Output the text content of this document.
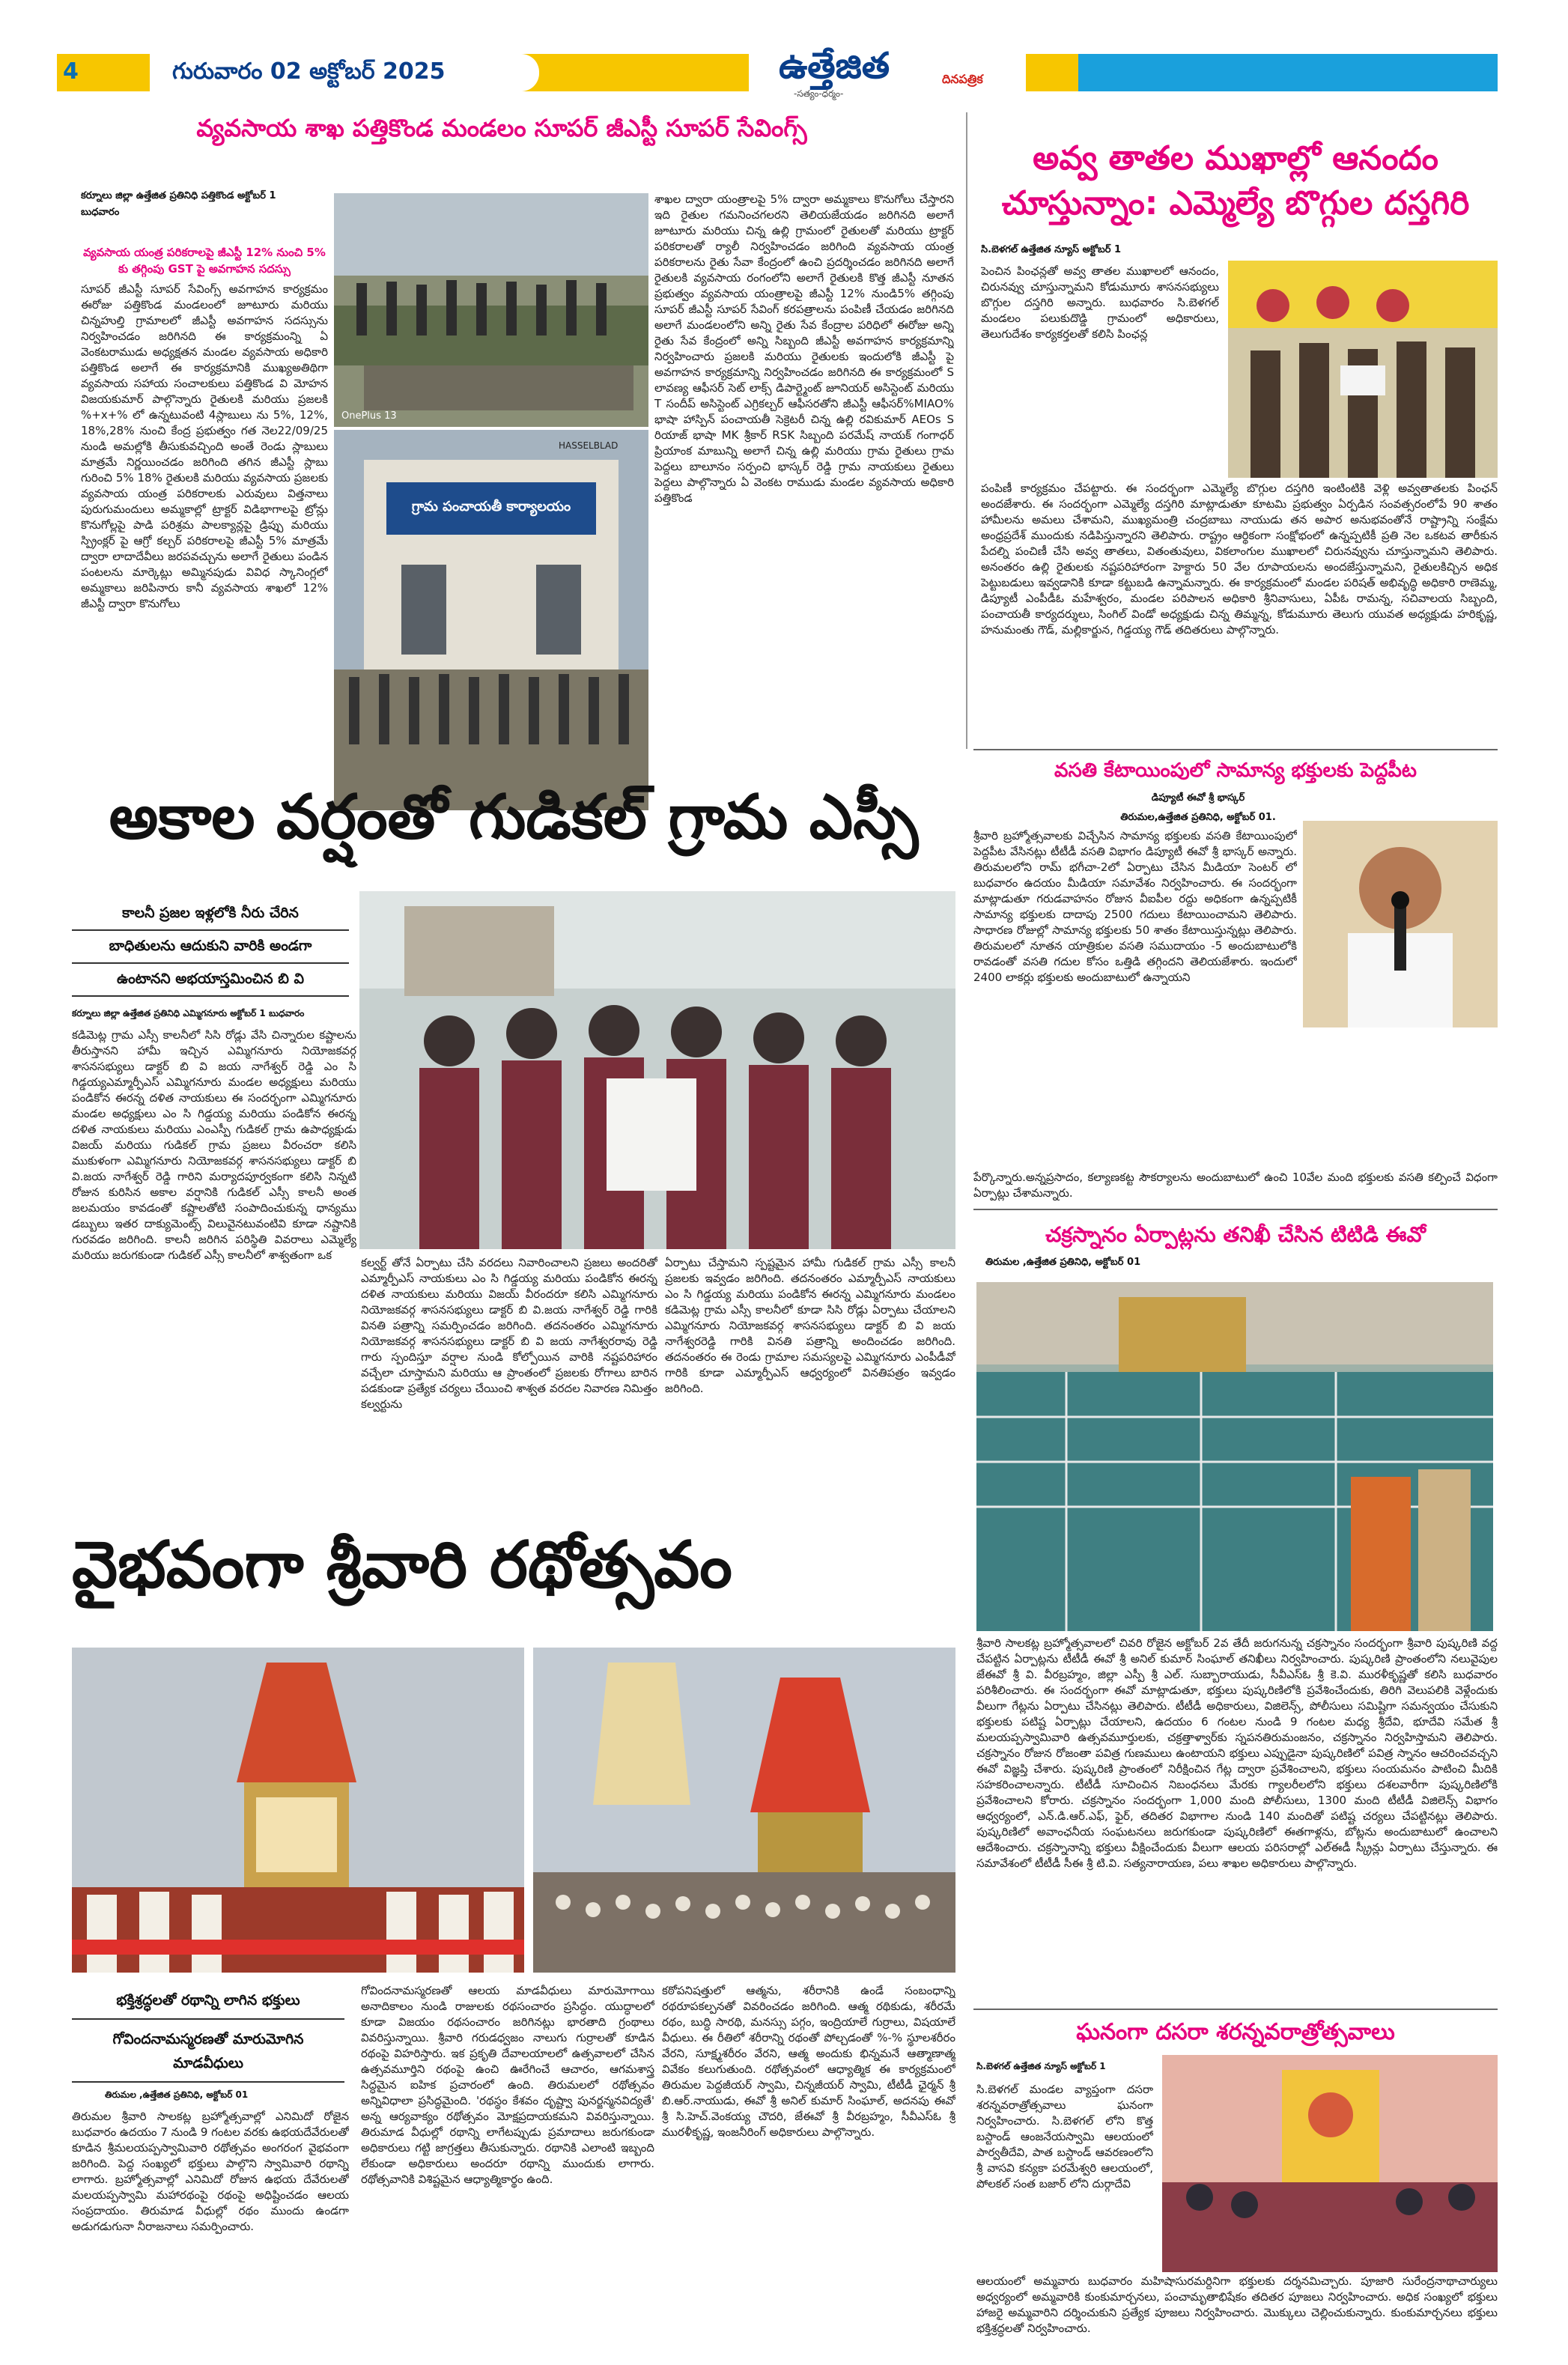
4	గురువారం 02 అక్టోబర్ 2025	ఉత్తేజిత	దినపత్రిక
-సత్యం-ధర్మం-
వ్యవసాయ శాఖ పత్తికొండ మండలం సూపర్ జీఎస్టీ సూపర్ సేవింగ్స్
కర్నూలు జిల్లా ఉత్తేజిత ప్రతినిధి పత్తికొండ అక్టోబర్ 1
బుధవారం
వ్యవసాయ యంత్ర పరికరాలపై జీఎస్టీ 12% నుంచి 5% కు తగ్గింపు GST పై అవగాహన సదస్సు
సూపర్ జీఎస్టీ సూపర్ సేవింగ్స్ అవగాహన కార్యక్రమం ఈరోజు పత్తికొండ మండలంలో జూటూరు మరియు చిన్నహుల్తి గ్రామాలలో జీఎస్టీ అవగాహన సదస్సును నిర్వహించడం జరిగినది ఈ కార్యక్రమంన్ని ఏ వెంకటరాముడు అధ్యక్షతన మండల వ్యవసాయ అధికారి పత్తికొండ అలాగే ఈ కార్యక్రమానికి ముఖ్యఅతిథిగా వ్యవసాయ సహాయ సంచాలకులు పత్తికొండ వి మోహన విజయకుమార్ పాల్గొన్నారు రైతులకి మరియు ప్రజలకి %+x+% లో ఉన్నటువంటి 4స్లాబులు ను 5%, 12%, 18%,28% నుంచి కేంద్ర ప్రభుత్వం గత నెల22/09/25 నుండి అమల్లోకి తీసుకువచ్చింది అంతే రెండు స్లాబులు మాత్రమే నిర్ణయించడం జరిగింది తగిన జీఎస్టీ స్లాబు గురించి 5% 18% రైతులకి మరియు వ్యవసాయ ప్రజలకు వ్యవసాయ యంత్ర పరికరాలకు ఎరువులు విత్తనాలు పురుగుమందులు అమ్మకాల్లో ట్రాక్టర్ విడిభాగాలపై ట్రోన్లు కొనుగోల్లపై పాడి పరిశ్రమ పాలక్యాన్లపై డ్రిప్పు మరియు స్ప్రింక్లర్ పై ఆగ్రో కల్చర్ పరికరాలపై జీఎస్టీ 5% మాత్రమే ద్వారా లాదాదేవీలు జరపవచ్చును అలాగే రైతులు పండిన పంటలను మార్కెట్లు అమ్మినపుడు వివిధ స్కానింగ్లలో అమ్మకాలు జరిపినారు కానీ వ్యవసాయ శాఖలో 12% జీఎస్టీ ద్వారా కొనుగోలు
OnePlus 13
గ్రామ పంచాయతీ కార్యాలయం
HASSELBLAD
శాఖల ద్వారా యంత్రాలపై 5% ద్వారా అమ్మకాలు కొనుగోలు చేస్తారని ఇది రైతుల గమనించగలరని తెలియజేయడం జరిగినది అలాగే జూటూరు మరియు చిన్న ఉల్లి గ్రామంలో రైతులతో మరియు ట్రాక్టర్ పరికరాలతో ర్యాలీ నిర్వహించడం జరిగింది వ్యవసాయ యంత్ర పరికరాలను రైతు సేవా కేంద్రంలో ఉంచి ప్రదర్శించడం జరిగినది అలాగే రైతులకి వ్యవసాయ రంగంలోని అలాగే రైతులకి కొత్త జీఎస్టీ నూతన ప్రభుత్వం వ్యవసాయ యంత్రాలపై జీఎస్టీ 12% నుండి5% తగ్గింపు సూపర్ జీఎస్టీ సూపర్ సేవింగ్ కరపత్రాలను పంపిణీ చేయడం జరిగినది అలాగే మండలంలోని అన్ని రైతు సేవ కేంద్రాల పరిధిలో ఈరోజు అన్ని రైతు సేవ కేంద్రంలో అన్ని సిబ్బంది జీఎస్టీ అవగాహన కార్యక్రమాన్ని నిర్వహించారు ప్రజలకి మరియు రైతులకు ఇందులోకి జీఎస్టీ పై అవగాహన కార్యక్రమాన్ని నిర్వహించడం జరిగినది ఈ కార్యక్రమంలో S లావణ్య ఆఫీసర్ సెట్ లాక్స్ డిపార్ట్మెంట్ జూనియర్ అసిస్టెంట్ మరియు T సందీప్ అసిస్టెంట్ ఎగ్రికల్చర్ ఆఫీసరతోని జీఎస్టీ ఆఫీసర్%MIAO% భాషా హాస్పిన్ పంచాయతీ సెక్రెటరీ చిన్న ఉల్లి రవికుమార్ AEOs S రియాజ్ భాషా MK శ్రీకార్ RSK సిబ్బంది పరమేష్ నాయక్ గంగాధర్ ప్రియాంక మాబున్ని అలాగే చిన్న ఉల్లి మరియు గ్రామ రైతులు గ్రామ పెద్దలు బాలూనం సర్పంచి భాస్కర్ రెడ్డి గ్రామ నాయకులు రైతులు పెద్దలు పాల్గొన్నారు ఏ వెంకట రాముడు మండల వ్యవసాయ అధికారి పత్తికొండ
అవ్వ తాతల ముఖాల్లో ఆనందం
చూస్తున్నాం: ఎమ్మెల్యే బొగ్గుల దస్తగిరి
సి.బెళగల్ ఉత్తేజిత న్యూస్ అక్టోబర్ 1
పెంచిన పింఛన్లతో అవ్వ తాతల ముఖాలలో ఆనందం, చిరునవ్వు చూస్తున్నామని కోడుమూరు శాసనసభ్యులు బొగ్గుల దస్తగిరి అన్నారు. బుధవారం సి.బెళగల్ మండలం పలుకుదొడ్డి గ్రామంలో అధికారులు, తెలుగుదేశం కార్యకర్తలతో కలిసి పింఛన్ల
పంపిణీ కార్యక్రమం చేపట్టారు. ఈ సందర్భంగా ఎమ్మెల్యే బొగ్గుల దస్తగిరి ఇంటింటికి వెళ్లి అవ్వతాతలకు పింఛన్ అందజేశారు. ఈ సందర్భంగా ఎమ్మెల్యే దస్తగిరి మాట్లాడుతూ కూటమి ప్రభుత్వం ఏర్పడిన సంవత్సరంలోపే 90 శాతం హామీలను అమలు చేశామని, ముఖ్యమంత్రి చంద్రబాబు నాయుడు తన అపార అనుభవంతోనే రాష్ట్రాన్ని సంక్షేమ అంధ్రప్రదేశ్ ముందుకు నడిపిస్తున్నారని తెలిపారు. రాష్ట్రం ఆర్థికంగా సంక్షోభంలో ఉన్నప్పటికీ ప్రతి నెల ఒకటవ తారీకున పేదల్ని పంచిణీ చేసి అవ్వ తాతలు, వితంతువులు, వికలాంగుల ముఖాలలో చిరునవ్వును చూస్తున్నామని తెలిపారు. అనంతరం ఉల్లి రైతులకు నష్టపరిహారంగా హెక్టారు 50 వేల రూపాయలను అందజేస్తున్నామని, రైతులకిచ్చిన అధిక పెట్టుబడులు ఇవ్వడానికి కూడా కట్టుబడి ఉన్నామన్నారు. ఈ కార్యక్రమంలో మండల పరిషత్ అభివృద్ధి అధికారి రాణెమ్మ, డిప్యూటీ ఎంపీడీఓ మహేశ్వరం, మండల పరిపాలన అధికారి శ్రీనివాసులు, ఏపీఓ రామన్న, సచివాలయ సిబ్బంది, పంచాయతీ కార్యదర్శులు, సింగిల్ విండో అధ్యక్షుడు చిన్న తిమ్మన్న, కోడుమూరు తెలుగు యువత అధ్యక్షుడు హరికృష్ణ, హనుమంతు గౌడ్, మల్లికార్జున, గిడ్డయ్య గౌడ్ తదితరులు పాల్గొన్నారు.
వసతి కేటాయింపులో సామాన్య భక్తులకు పెద్దపీట
డిప్యూటీ ఈవో శ్రీ భాస్కర్
తిరుమల,ఉత్తేజిత ప్రతినిధి, అక్టోబర్ 01.
శ్రీవారి బ్రహ్మోత్సవాలకు విచ్చేసిన సామాన్య భక్తులకు వసతి కేటాయింపులో పెద్దపీట వేసినట్లు టీటీడీ వసతి విభాగం డిప్యూటీ ఈవో శ్రీ భాస్కర్ అన్నారు. తిరుమలలోని రామ్ భగీచా-2లో ఏర్పాటు చేసిన మీడియా సెంటర్ లో బుధవారం ఉదయం మీడియా సమావేశం నిర్వహించారు. ఈ సందర్భంగా మాట్లాడుతూ గరుడవాహనం రోజున వీఐపీల రద్దు అధికంగా ఉన్నప్పటికీ సామాన్య భక్తులకు దాదాపు 2500 గదులు కేటాయించామని తెలిపారు. సాధారణ రోజుల్లో సామాన్య భక్తులకు 50 శాతం కేటాయిస్తున్నట్లు తెలిపారు. తిరుమలలో నూతన యాత్రికుల వసతి సముదాయం -5 అందుబాటులోకి రావడంతో వసతి గదుల కోసం ఒత్తిడి తగ్గిందని తెలియజేశారు. ఇందులో 2400 లాకర్లు భక్తులకు అందుబాటులో ఉన్నాయని
పేర్కొన్నారు.అన్నప్రసాదం, కల్యాణకట్ట సౌకర్యాలను అందుబాటులో ఉంచి 10వేల మంది భక్తులకు వసతి కల్పించే విధంగా ఏర్పాట్లు చేశామన్నారు.
అకాల వర్షంతో గుడికల్ గ్రామ ఎస్సీ
కాలనీ ప్రజల ఇళ్లలోకి నీరు చేరిన
బాధితులను ఆదుకుని వారికి అండగా
ఉంటానని అభయాస్తమించిన బి వి
కర్నూలు జిల్లా ఉత్తేజిత ప్రతినిధి ఎమ్మిగనూరు అక్టోబర్ 1 బుధవారం
కడిమెట్ల గ్రామ ఎస్సీ కాలనీలో సిసి రోడ్లు వేసి చిన్నారుల కష్టాలను తీరుస్తానని హామీ ఇచ్చిన ఎమ్మిగనూరు నియోజకవర్గ శాసనసభ్యులు డాక్టర్ బి వి జయ నాగేశ్వర్ రెడ్డి ఎం సి గిడ్డయ్యఎమ్మార్పీఎస్ ఎమ్మిగనూరు మండల అధ్యక్షులు మరియు పండికోన ఈరన్న దళిత నాయకులు ఈ సందర్భంగా ఎమ్మిగనూరు మండల అధ్యక్షులు ఎం సి గిడ్డయ్య మరియు పండికోన ఈరన్న దళిత నాయకులు మరియు ఎంఎస్పీ గుడికల్ గ్రామ ఉపాధ్యక్షుడు విజయ్ మరియు గుడికల్ గ్రామ ప్రజలు వీరంచరా కలిసి ముకుళంగా ఎమ్మిగనూరు నియోజకవర్గ శాసనసభ్యులు డాక్టర్ బి వి.జయ నాగేశ్వర్ రెడ్డి గారిని మర్యాదపూర్వకంగా కలిసి నిన్నటి రోజున కురిసిన అకాల వర్షానికి గుడికల్ ఎస్సీ కాలనీ అంత జలమయం కావడంతో కష్టాలతోటి సంపాదించుకున్న ధాన్యము డబ్బులు ఇతర దాక్యుమెంట్స్ విలువైనటువంటివి కూడా నష్టానికి గురవడం జరిగింది. కాలనీ జరిగిన పరిస్థితి వివరాలు ఎమ్మెల్యే మరియు జరుగకుండా గుడికల్ ఎస్సీ కాలనీలో శాశ్వతంగా ఒక
కల్వర్ట్ తోనే ఏర్పాటు చేసి వరదలు నివారించాలని ప్రజలు అందరితో ఎమ్మార్పీఎస్ నాయకులు ఎం సి గిడ్డయ్య మరియు పండికోన ఈరన్న దళిత నాయకులు మరియు విజయ్ వీరందరూ కలిసి ఎమ్మిగనూరు నియోజకవర్గ శాసనసభ్యులు డాక్టర్ బి వి.జయ నాగేశ్వర్ రెడ్డి గారికి వినతి పత్రాన్ని సమర్పించడం జరిగింది. తదనంతరం ఎమ్మిగనూరు నియోజకవర్గ శాసనసభ్యులు డాక్టర్ బి వి జయ నాగేశ్వరరావు రెడ్డి గారు స్పందిస్తూ వర్షాల నుండి కోల్పోయిన వారికి నష్టపరిహారం వచ్చేలా చూస్తామని మరియు ఆ ప్రాంతంలో ప్రజలకు రోగాలు బారిన పడకుండా ప్రత్యేక చర్యలు చేయించి శాశ్వత వరదల నివారణ నిమిత్తం కల్వర్టును
ఏర్పాటు చేస్తామని స్పష్టమైన హామీ గుడికల్ గ్రామ ఎస్సీ కాలనీ ప్రజలకు ఇవ్వడం జరిగింది. తదనంతరం ఎమ్మార్పీఎస్ నాయకులు ఎం సి గిడ్డయ్య మరియు పండికోన ఈరన్న ఎమ్మిగనూరు మండలం కడిమెట్ల గ్రామ ఎస్సీ కాలనీలో కూడా సిసి రోడ్లు ఏర్పాటు చేయాలని ఎమ్మిగనూరు నియోజకవర్గ శాసనసభ్యులు డాక్టర్ బి వి జయ నాగేశ్వరరెడ్డి గారికి వినతి పత్రాన్ని అందించడం జరిగింది. తదనంతరం ఈ రెండు గ్రామాల సమస్యలపై ఎమ్మిగనూరు ఎంపీడీవో గారికి కూడా ఎమ్మార్పీఎస్ ఆధ్వర్యంలో వినతిపత్రం ఇవ్వడం జరిగింది.
చక్రస్నానం ఏర్పాట్లను తనిఖీ చేసిన టిటిడి ఈవో
తిరుమల ,ఉత్తేజిత ప్రతినిధి, అక్టోబర్ 01
శ్రీవారి సాలకట్ల బ్రహ్మోత్సవాలలో చివరి రోజైన అక్టోబర్ 2వ తేదీ జరుగనున్న చక్రస్నానం సందర్భంగా శ్రీవారి పుష్కరిణి వద్ద చేపట్టిన ఏర్పాట్లను టీటీడీ ఈవో శ్రీ అనిల్ కుమార్ సింఘాల్ తనిఖీలు నిర్వహించారు. పుష్కరిణి ప్రాంతంలోని నలువైపుల జేఈవో శ్రీ వి. వీరబ్రహ్మం, జిల్లా ఎస్పీ శ్రీ ఎల్. సుబ్బారాయుడు, సీవీఎస్ఓ శ్రీ కె.వి. మురళీకృష్ణతో కలిసి బుధవారం పరిశీలించారు. ఈ సందర్భంగా ఈవో మాట్లాడుతూ, భక్తులు పుష్కరిణిలోకి ప్రవేశించేందుకు, తిరిగి వెలుపలికి వెళ్లేందుకు వీలుగా గేట్లను ఏర్పాటు చేసినట్లు తెలిపారు. టీటీడీ అధికారులు, విజిలెన్స్, పోలీసులు సమిష్టిగా సమన్వయం చేసుకుని భక్తులకు పటిష్ట ఏర్పాట్లు చేయాలని, ఉదయం 6 గంటల నుండి 9 గంటల మధ్య శ్రీదేవి, భూదేవి సమేత శ్రీ మలయప్పస్వామివారి ఉత్సవమూర్తులకు, చక్రత్తాళ్వార్‌కు స్నపనతిరుమంజనం, చక్రస్నానం నిర్వహిస్తామని తెలిపారు. చక్రస్నానం రోజున రోజంతా పవిత్ర గుణములు ఉంటాయని భక్తులు ఎప్పుడైనా పుష్కరిణిలో పవిత్ర స్నానం ఆచరించవచ్చని ఈవో విజ్ఞప్తి చేశారు. పుష్కరిణి ప్రాంతంలో నిరీక్షించిన గేట్ల ద్వారా ప్రవేశించాలని, భక్తులు సంయమనం పాటించి మీదికి సహకరించాలన్నారు. టీటీడీ సూచించిన నిబంధనలు మేరకు గ్యాలరీలలోని భక్తులు దశలవారీగా పుష్కరిణిలోకి ప్రవేశించాలని కోరారు. చక్రస్నానం సందర్భంగా 1,000 మంది పోలీసులు, 1300 మంది టీటీడీ విజిలెన్స్ విభాగం ఆధ్వర్యంలో, ఎన్.డి.ఆర్.ఎఫ్, ఫైర్, తదితర విభాగాల నుండి 140 మందితో పటిష్ట చర్యలు చేపట్టినట్లు తెలిపారు. పుష్కరిణిలో అవాంఛనీయ సంఘటనలు జరుగకుండా పుష్కరిణిలో ఈతగాళ్లను, బోట్లను అందుబాటులో ఉంచాలని ఆదేశించారు. చక్రస్నానాన్ని భక్తులు వీక్షించేందుకు వీలుగా ఆలయ పరిసరాల్లో ఎల్ఈడీ స్క్రీన్లు ఏర్పాటు చేస్తున్నారు. ఈ సమావేశంలో టీటీడీ సీఈ శ్రీ టి.వి. సత్యనారాయణ, పలు శాఖల అధికారులు పాల్గొన్నారు.
వైభవంగా శ్రీవారి రథోత్సవం
భక్తిశ్రద్ధలతో రథాన్ని లాగిన భక్తులు
గోవిందనామస్మరణతో మారుమోగిన
మాడవీధులు
తిరుమల ,ఉత్తేజిత ప్రతినిధి, అక్టోబర్ 01
తిరుమల శ్రీవారి సాలకట్ల బ్రహ్మోత్సవాల్లో ఎనిమిదో రోజైన బుధవారం ఉదయం 7 నుండి 9 గంటల వరకు ఉభయదేవేరులతో కూడిన శ్రీమలయప్పస్వామివారి రథోత్సవం అంగరంగ వైభవంగా జరిగింది. పెద్ద సంఖ్యలో భక్తులు పాల్గొని స్వామివారి రథాన్ని లాగారు. బ్రహ్మోత్సవాల్లో ఎనిమిదో రోజున ఉభయ దేవేరులతో మలయప్పస్వామి మహారథంపై రథంపై అధిష్టించడం ఆలయ సంప్రదాయం. తిరుమాడ వీధుల్లో రథం ముందు ఉండగా అడుగడుగునా నీరాజనాలు సమర్పించారు.
గోవిందనామస్మరణతో ఆలయ మాడవీధులు మారుమోగాయి అనాదికాలం నుండి రాజులకు రథసంచారం ప్రసిద్ధం. యుద్ధాలలో కూడా విజయం రథసంచారం జరిగినట్లు భారతాది గ్రంథాలు వివరిస్తున్నాయి. శ్రీవారి గరుడధ్వజం నాలుగు గుర్రాలతో కూడిన రథంపై విహరిస్తారు. ఇక ప్రకృతి దేవాలయాలలో ఉత్సవాలలో చేసిన ఉత్సవమూర్తిని రథంపై ఉంచి ఊరేగించే ఆచారం, ఆగమశాస్త్ర సిద్ధమైన ఐహిక ప్రచారంలో ఉంది. తిరుమలలో రథోత్సవం అన్నివిధాలా ప్రసిద్ధమైంది. 'రథస్థం కేశవం దృష్ట్వా పునర్జన్మనవిద్యతే' అన్న ఆర్యవాక్యం రథోత్సవం మోక్షప్రదాయకమని వివరిస్తున్నాయి. తిరుమాడ వీధుల్లో రథాన్ని లాగేటప్పుడు ప్రమాదాలు జరుగకుండా అధికారులు గట్టి జాగ్రత్తలు తీసుకున్నారు. రథానికి ఎలాంటి ఇబ్బంది లేకుండా అధికారులు అందరూ రథాన్ని ముందుకు లాగారు. రథోత్సవానికి విశిష్టమైన ఆధ్యాత్మికార్థం ఉంది.
కఠోపనిషత్తులో ఆత్మను, శరీరానికి ఉండే సంబంధాన్ని రథరూపకల్పనతో వివరించడం జరిగింది. ఆత్మ రథికుడు, శరీరమే రథం, బుద్ధి సారథి, మనస్సు పగ్గం, ఇంద్రియాలే గుర్రాలు, విషయాలే వీధులు. ఈ రీతిలో శరీరాన్ని రథంతో పోల్చడంతో %-% స్థూలశరీరం వేరని, సూక్ష్మశరీరం వేరని, ఆత్మ అందుకు భిన్నమనే ఆత్మాణాత్మ వివేకం కలుగుతుంది. రథోత్సవంలో ఆధ్యాత్మిక ఈ కార్యక్రమంలో తిరుమల పెద్దజీయర్ స్వామి, చిన్నజీయర్ స్వామి, టీటీడీ ఛైర్మన్ శ్రీ బి.ఆర్.నాయుడు, ఈవో శ్రీ అనిల్ కుమార్ సింఘాల్, అదనపు ఈవో శ్రీ సి.హెచ్.వెంకయ్య చౌదరి, జేఈవో శ్రీ వీరబ్రహ్మం, సీవీఎస్ఓ శ్రీ మురళీకృష్ణ, ఇంజనీరింగ్ అధికారులు పాల్గొన్నారు.
ఘనంగా దసరా శరన్నవరాత్రోత్సవాలు
సి.బెళగల్ ఉత్తేజిత న్యూస్ అక్టోబర్ 1
సి.బెళగల్ మండల వ్యాప్తంగా దసరా శరన్నవరాత్రోత్సవాలు ఘనంగా నిర్వహించారు. సి.బెళగల్ లోని కొత్త బస్టాండ్ ఆంజనేయస్వామి ఆలయంలో పార్వతీదేవి, పాత బస్టాండ్ ఆవరణంలోని శ్రీ వాసవి కన్యకా పరమేశ్వరి ఆలయంలో, పోలకల్ సంత బజార్ లోని దుర్గాదేవి
ఆలయంలో అమ్మవారు బుధవారం మహిషాసురమర్దినిగా భక్తులకు దర్శనమిచ్చారు. పూజారి సురేంద్రనాథాచార్యులు అధ్వర్యంలో అమ్మవారికి కుంకుమార్చనలు, పంచామృతాభిషేకం తదితర పూజలు నిర్వహించారు. అధిక సంఖ్యలో భక్తులు హాజరై అమ్మవారిని దర్శించుకుని ప్రత్యేక పూజలు నిర్వహించారు. మొక్కులు చెల్లించుకున్నారు. కుంకుమార్చనలు భక్తులు భక్తిశ్రద్ధలతో నిర్వహించారు.
